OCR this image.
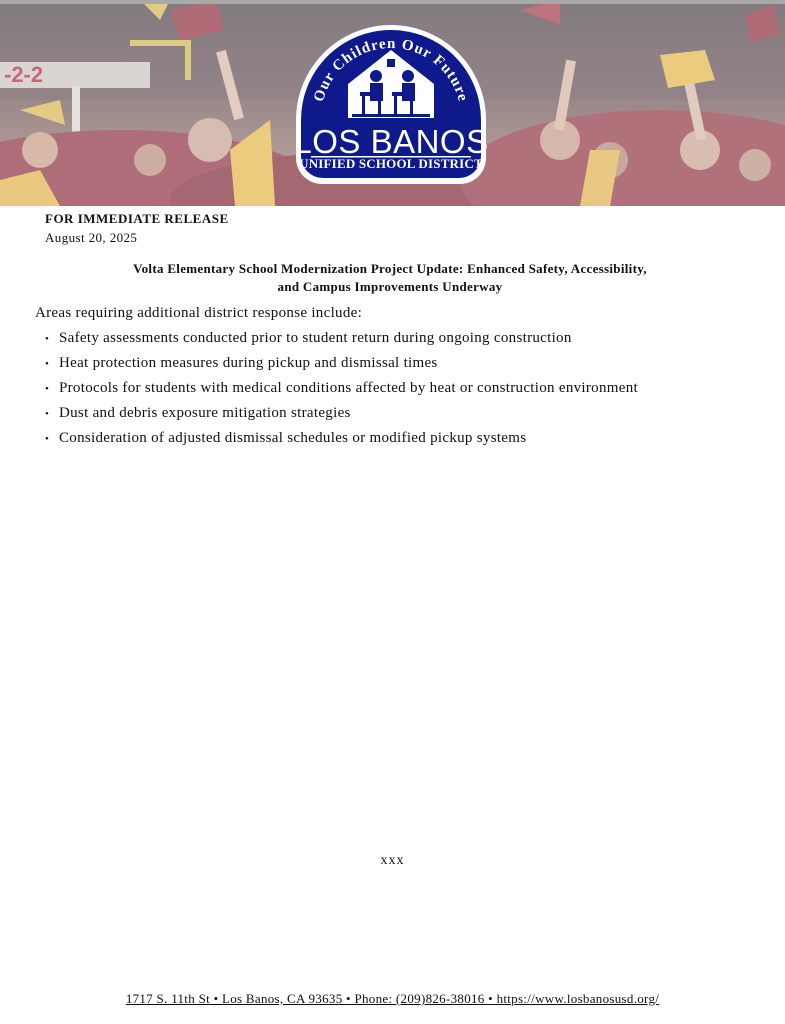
-2-2
Our Children Our Future
LOS BANOS
UNIFIED SCHOOL DISTRICT
FOR IMMEDIATE RELEASE
August 20, 2025
Volta Elementary School Modernization Project Update: Enhanced Safety, Accessibility,
and Campus Improvements Underway
Areas requiring additional district response include:
• Safety assessments conducted prior to student return during ongoing construction
• Heat protection measures during pickup and dismissal times
• Protocols for students with medical conditions affected by heat or construction environment
• Dust and debris exposure mitigation strategies
• Consideration of adjusted dismissal schedules or modified pickup systems
xxx
1717 S. 11th St • Los Banos, CA 93635 • Phone: (209)826-38016 • https://www.losbanosusd.org/
